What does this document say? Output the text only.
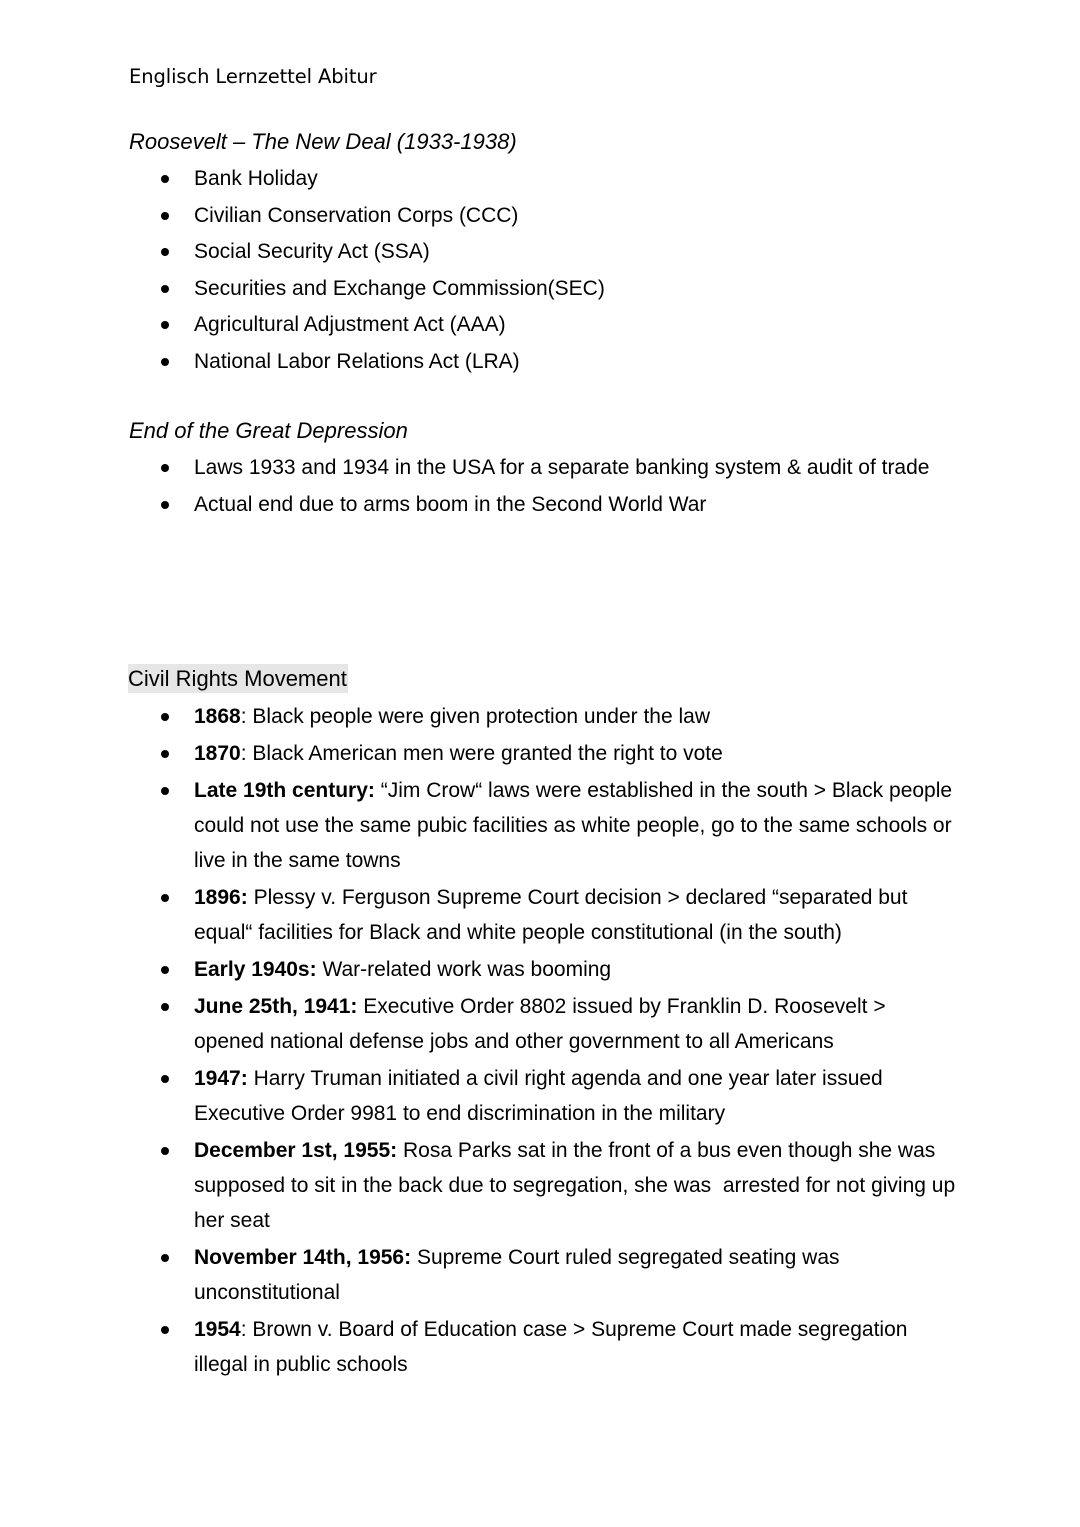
Englisch Lernzettel Abitur
Roosevelt – The New Deal (1933-1938)
Bank Holiday
Civilian Conservation Corps (CCC)
Social Security Act (SSA)
Securities and Exchange Commission(SEC)
Agricultural Adjustment Act (AAA)
National Labor Relations Act (LRA)
End of the Great Depression
Laws 1933 and 1934 in the USA for a separate banking system & audit of trade
Actual end due to arms boom in the Second World War
Civil Rights Movement
1868: Black people were given protection under the law
1870: Black American men were granted the right to vote
Late 19th century: “Jim Crow“ laws were established in the south > Black people  could not use the same pubic facilities as white people, go to the same schools or live in the same towns
1896: Plessy v. Ferguson Supreme Court decision > declared “separated but equal“ facilities for Black and white people constitutional (in the south)
Early 1940s: War-related work was booming
June 25th, 1941: Executive Order 8802 issued by Franklin D. Roosevelt > opened national defense jobs and other government to all Americans
1947: Harry Truman initiated a civil right agenda and one year later issued Executive Order 9981 to end discrimination in the military
December 1st, 1955: Rosa Parks sat in the front of a bus even though she was  supposed to sit in the back due to segregation, she was  arrested for not giving up her seat
November 14th, 1956: Supreme Court ruled segregated seating was unconstitutional
1954: Brown v. Board of Education case > Supreme Court made segregation illegal in public schools
